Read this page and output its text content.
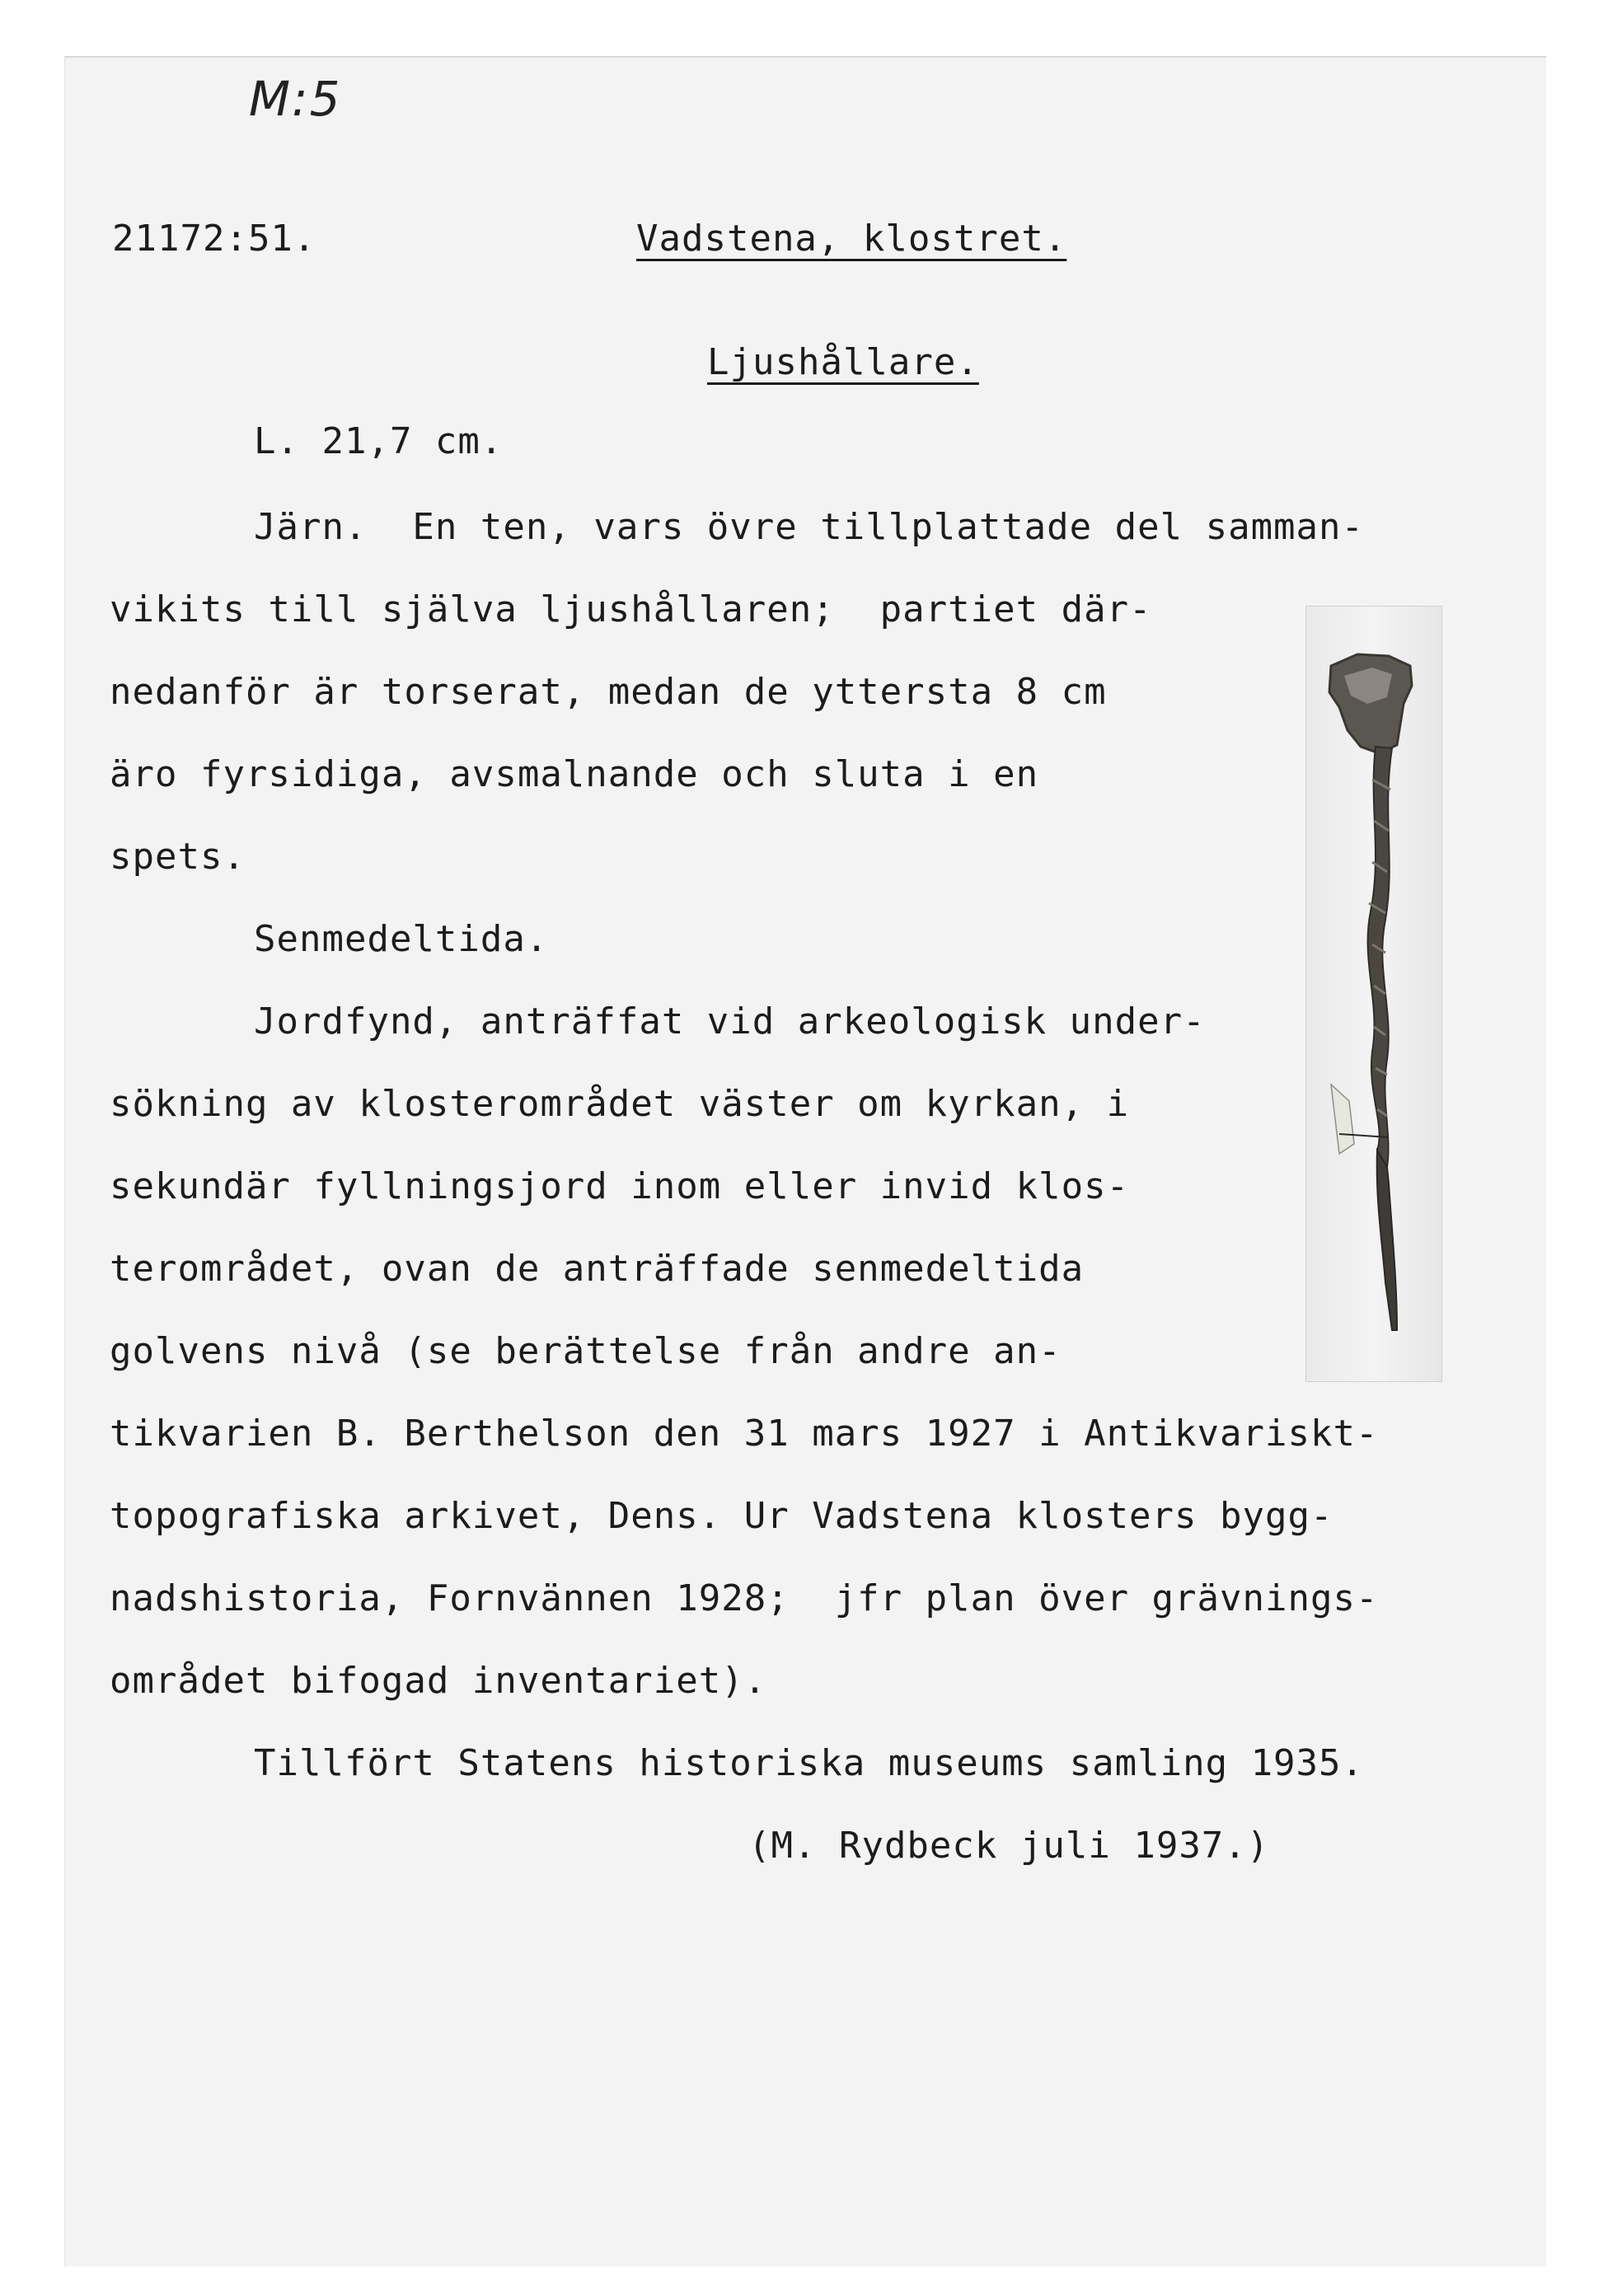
M:5
21172:51.	Vadstena, klostret.
Ljushållare.
L. 21,7 cm.
Järn.  En ten, vars övre tillplattade del samman-
vikits till själva ljushållaren;  partiet där-
nedanför är torserat, medan de yttersta 8 cm
äro fyrsidiga, avsmalnande och sluta i en
spets.
Senmedeltida.
Jordfynd, anträffat vid arkeologisk under-
sökning av klosterområdet väster om kyrkan, i
sekundär fyllningsjord inom eller invid klos-
terområdet, ovan de anträffade senmedeltida
golvens nivå (se berättelse från andre an-
tikvarien B. Berthelson den 31 mars 1927 i Antikvariskt-
topografiska arkivet, Dens. Ur Vadstena klosters bygg-
nadshistoria, Fornvännen 1928;  jfr plan över grävnings-
området bifogad inventariet).
Tillfört Statens historiska museums samling 1935.
(M. Rydbeck juli 1937.)
